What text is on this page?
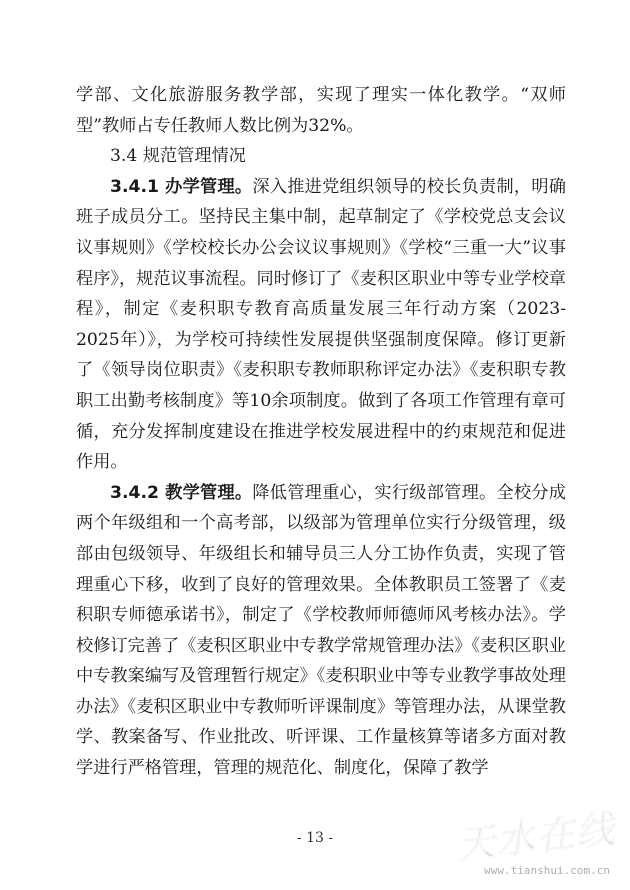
学部、文化旅游服务教学部，实现了理实一体化教学。“双师型”教师占专任教师人数比例为32%。

3.4 规范管理情况

3.4.1 办学管理。深入推进党组织领导的校长负责制，明确班子成员分工。坚持民主集中制，起草制定了《学校党总支会议议事规则》《学校校长办公会议议事规则》《学校“三重一大”议事程序》，规范议事流程。同时修订了《麦积区职业中等专业学校章程》，制定《麦积职专教育高质量发展三年行动方案（2023-2025年）》，为学校可持续性发展提供坚强制度保障。修订更新了《领导岗位职责》《麦积职专教师职称评定办法》《麦积职专教职工出勤考核制度》等10余项制度。做到了各项工作管理有章可循，充分发挥制度建设在推进学校发展进程中的约束规范和促进作用。

3.4.2 教学管理。降低管理重心，实行级部管理。全校分成两个年级组和一个高考部，以级部为管理单位实行分级管理，级部由包级领导、年级组长和辅导员三人分工协作负责，实现了管理重心下移，收到了良好的管理效果。全体教职员工签署了《麦积职专师德承诺书》，制定了《学校教师师德师风考核办法》。学校修订完善了《麦积区职业中专教学常规管理办法》《麦积区职业中专教案编写及管理暂行规定》《麦积职业中等专业教学事故处理办法》《麦积区职业中专教师听评课制度》等管理办法，从课堂教学、教案备写、作业批改、听评课、工作量核算等诸多方面对教学进行严格管理，管理的规范化、制度化，保障了教学

- 13 -	天水在线
www.tianshui.com.cn
